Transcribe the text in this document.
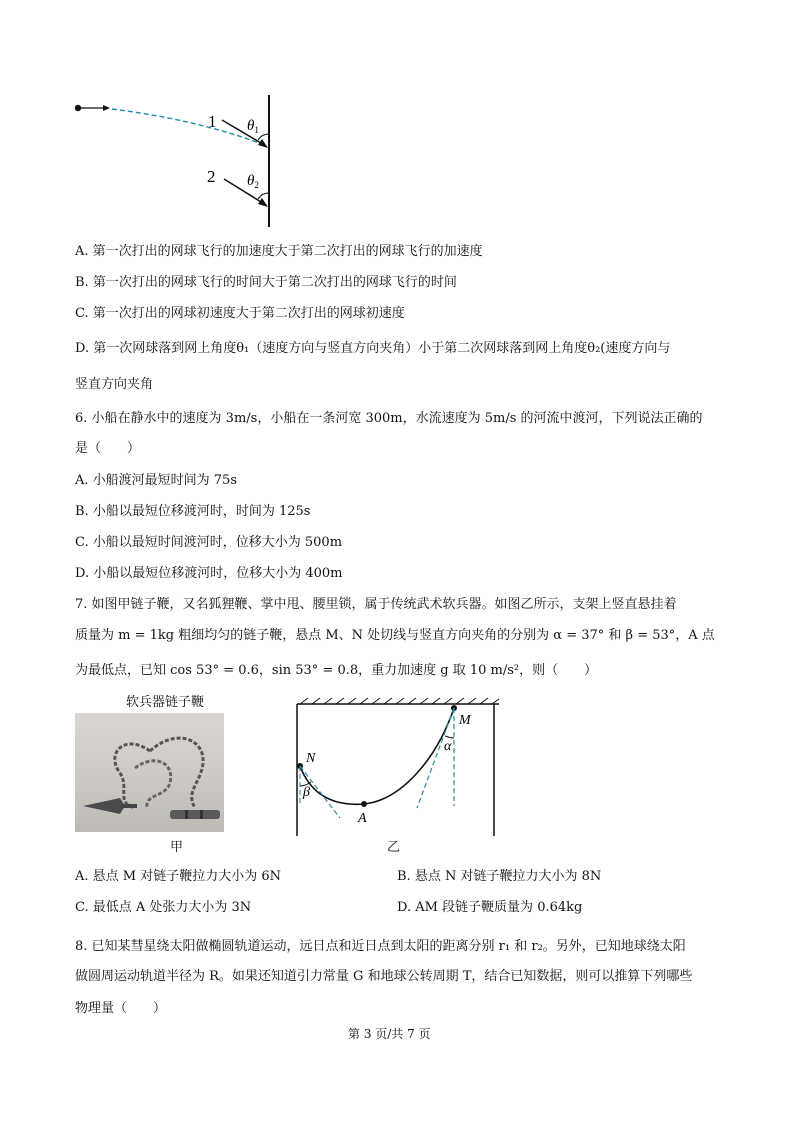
1
2
$\theta_1$
$\theta_2$
A. 第一次打出的网球飞行的加速度大于第二次打出的网球飞行的加速度
B. 第一次打出的网球飞行的时间大于第二次打出的网球飞行的时间
C. 第一次打出的网球初速度大于第二次打出的网球初速度
D. 第一次网球落到网上角度θ₁（速度方向与竖直方向夹角）小于第二次网球落到网上角度θ₂(速度方向与
竖直方向夹角
6. 小船在静水中的速度为 3m/s，小船在一条河宽 300m，水流速度为 5m/s 的河流中渡河，下列说法正确的
是（　　）
A. 小船渡河最短时间为 75s
B. 小船以最短位移渡河时，时间为 125s
C. 小船以最短时间渡河时，位移大小为 500m
D. 小船以最短位移渡河时，位移大小为 400m
7. 如图甲链子鞭，又名狐狸鞭、掌中甩、腰里锁，属于传统武术软兵器。如图乙所示，支架上竖直悬挂着
质量为 m = 1kg 粗细均匀的链子鞭，悬点 M、N 处切线与竖直方向夹角的分别为 α = 37° 和 β = 53°，A 点
为最低点，已知 cos 53° = 0.6，sin 53° = 0.8，重力加速度 g 取 10 m/s²，则（　　）
软兵器链子鞭
甲
M
N
A
α
β
乙
A. 悬点 M 对链子鞭拉力大小为 6N	B. 悬点 N 对链子鞭拉力大小为 8N
C. 最低点 A 处张力大小为 3N	D. AM 段链子鞭质量为 0.64kg
8. 已知某彗星绕太阳做椭圆轨道运动，远日点和近日点到太阳的距离分别 r₁ 和 r₂。另外，已知地球绕太阳
做圆周运动轨道半径为 R。如果还知道引力常量 G 和地球公转周期 T，结合已知数据，则可以推算下列哪些
物理量（　　）
第 3 页/共 7 页
